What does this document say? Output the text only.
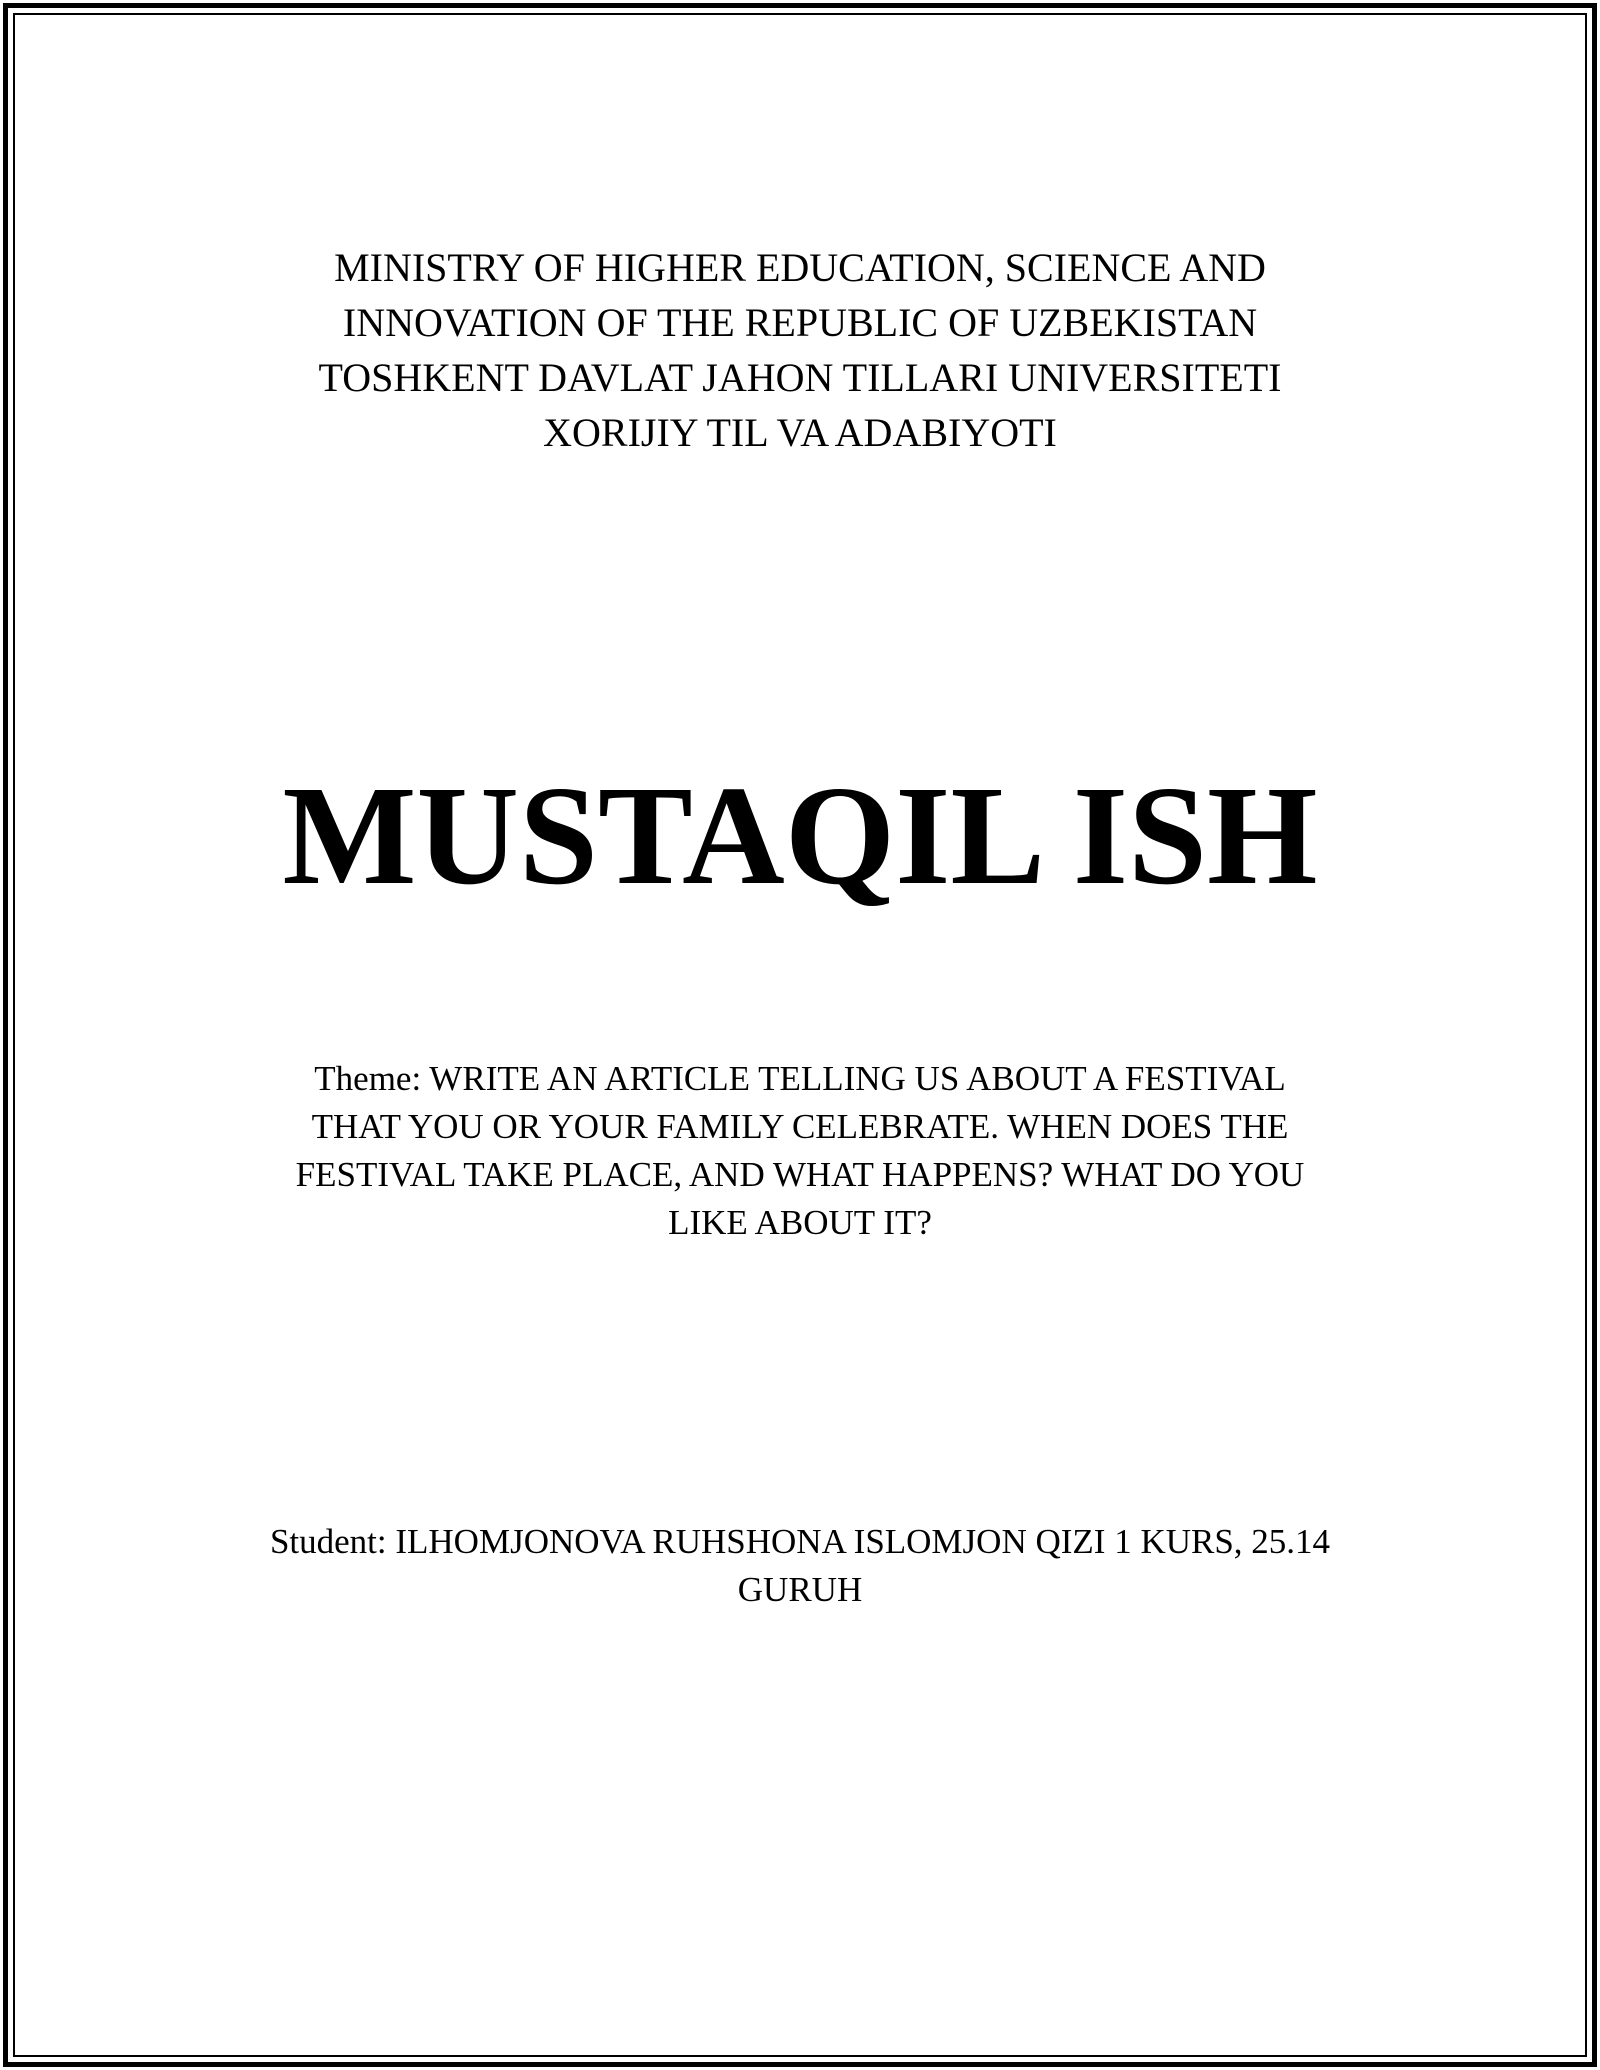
MINISTRY OF HIGHER EDUCATION, SCIENCE AND
INNOVATION OF THE REPUBLIC OF UZBEKISTAN
TOSHKENT DAVLAT JAHON TILLARI UNIVERSITETI
XORIJIY TIL VA ADABIYOTI
MUSTAQIL ISH
Theme: WRITE AN ARTICLE TELLING US ABOUT A FESTIVAL
THAT YOU OR YOUR FAMILY CELEBRATE. WHEN DOES THE
FESTIVAL TAKE PLACE, AND WHAT HAPPENS? WHAT DO YOU
LIKE ABOUT IT?
Student: ILHOMJONOVA RUHSHONA ISLOMJON QIZI 1 KURS, 25.14
GURUH
